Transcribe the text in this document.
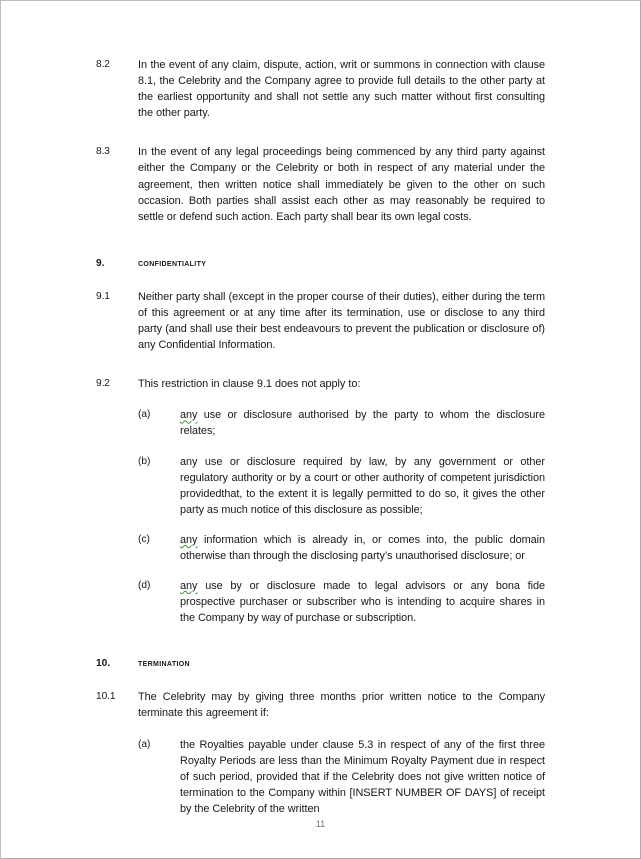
8.2	In the event of any claim, dispute, action, writ or summons in connection with clause 8.1, the Celebrity and the Company agree to provide full details to the other party at the earliest opportunity and shall not settle any such matter without first consulting the other party.
8.3	In the event of any legal proceedings being commenced by any third party against either the Company or the Celebrity or both in respect of any material under the agreement, then written notice shall immediately be given to the other on such occasion. Both parties shall assist each other as may reasonably be required to settle or defend such action. Each party shall bear its own legal costs.
9.	confidentiality
9.1	Neither party shall (except in the proper course of their duties), either during the term of this agreement or at any time after its termination, use or disclose to any third party (and shall use their best endeavours to prevent the publication or disclosure of) any Confidential Information.
9.2	This restriction in clause 9.1 does not apply to:
(a)	any use or disclosure authorised by the party to whom the disclosure relates;
(b)	any use or disclosure required by law, by any government or other regulatory authority or by a court or other authority of competent jurisdiction providedthat, to the extent it is legally permitted to do so, it gives the other party as much notice of this disclosure as possible;
(c)	any information which is already in, or comes into, the public domain otherwise than through the disclosing party’s unauthorised disclosure; or
(d)	any use by or disclosure made to legal advisors or any bona fide prospective purchaser or subscriber who is intending to acquire shares in the Company by way of purchase or subscription.
10.	termination
10.1	The Celebrity may by giving three months prior written notice to the Company terminate this agreement if:
(a)	the Royalties payable under clause 5.3 in respect of any of the first three Royalty Periods are less than the Minimum Royalty Payment due in respect of such period, provided that if the Celebrity does not give written notice of termination to the Company within [INSERT NUMBER OF DAYS] of receipt by the Celebrity of the written
11
